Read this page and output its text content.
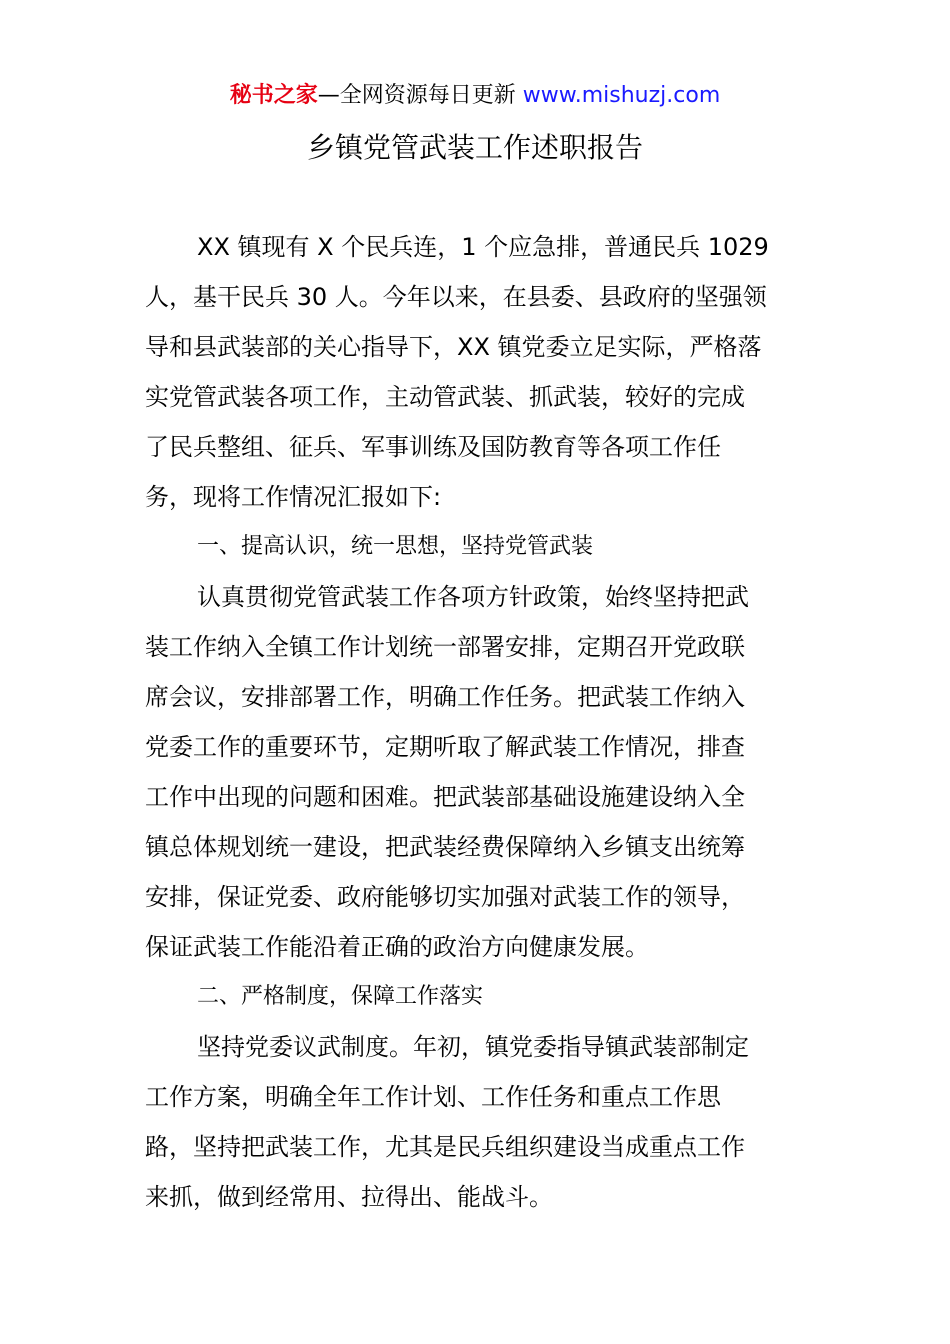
秘书之家—全网资源每日更新 www.mishuzj.com
乡镇党管武装工作述职报告
XX 镇现有 X 个民兵连，1 个应急排，普通民兵 1029
人，基干民兵 30 人。今年以来，在县委、县政府的坚强领
导和县武装部的关心指导下，XX 镇党委立足实际，严格落
实党管武装各项工作，主动管武装、抓武装，较好的完成
了民兵整组、征兵、军事训练及国防教育等各项工作任
务，现将工作情况汇报如下:
一、提高认识，统一思想，坚持党管武装
认真贯彻党管武装工作各项方针政策，始终坚持把武
装工作纳入全镇工作计划统一部署安排，定期召开党政联
席会议，安排部署工作，明确工作任务。把武装工作纳入
党委工作的重要环节，定期听取了解武装工作情况，排查
工作中出现的问题和困难。把武装部基础设施建设纳入全
镇总体规划统一建设，把武装经费保障纳入乡镇支出统筹
安排，保证党委、政府能够切实加强对武装工作的领导，
保证武装工作能沿着正确的政治方向健康发展。
二、严格制度，保障工作落实
坚持党委议武制度。年初，镇党委指导镇武装部制定
工作方案，明确全年工作计划、工作任务和重点工作思
路，坚持把武装工作，尤其是民兵组织建设当成重点工作
来抓，做到经常用、拉得出、能战斗。
